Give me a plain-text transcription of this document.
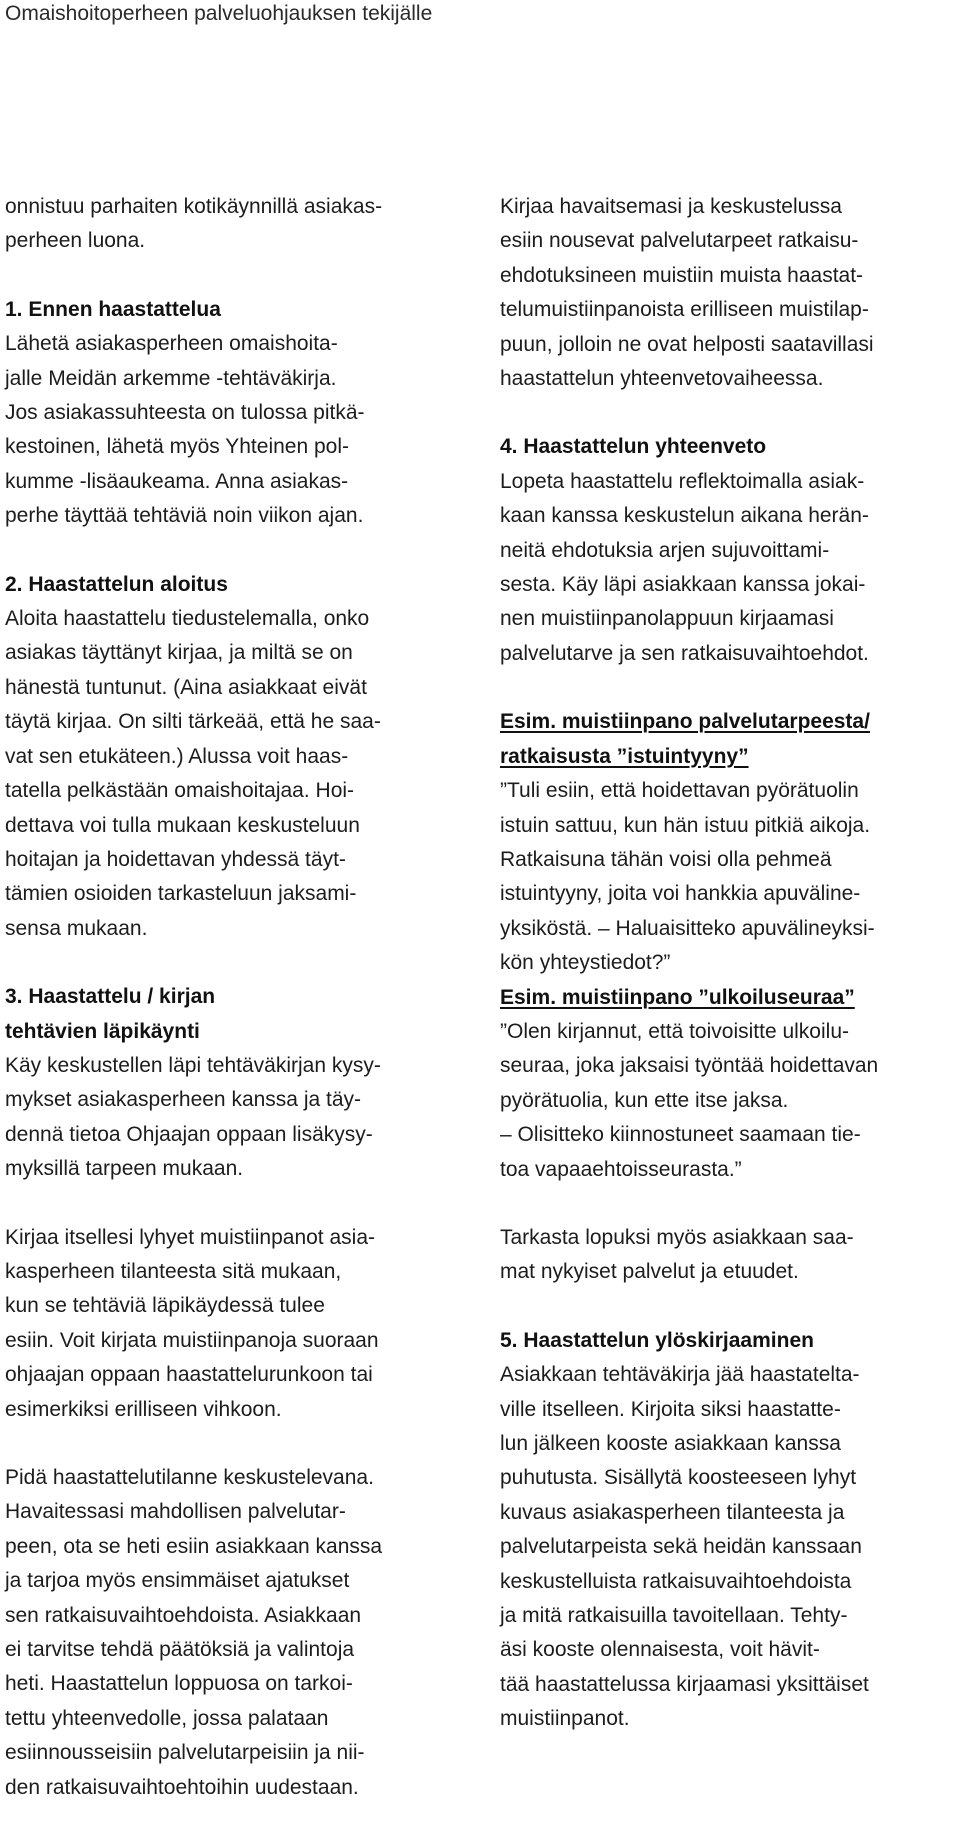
Omaishoitoperheen palveluohjauksen tekijälle
onnistuu parhaiten kotikäynnillä asiakas-
perheen luona.
1. Ennen haastattelua
Lähetä asiakasperheen omaishoita-
jalle Meidän arkemme -tehtäväkirja.
Jos asiakassuhteesta on tulossa pitkä-
kestoinen, lähetä myös Yhteinen pol-
kumme -lisäaukeama. Anna asiakas-
perhe täyttää tehtäviä noin viikon ajan.
2. Haastattelun aloitus
Aloita haastattelu tiedustelemalla, onko
asiakas täyttänyt kirjaa, ja miltä se on
hänestä tuntunut. (Aina asiakkaat eivät
täytä kirjaa. On silti tärkeää, että he saa-
vat sen etukäteen.) Alussa voit haas-
tatella pelkästään omaishoitajaa. Hoi-
dettava voi tulla mukaan keskusteluun
hoitajan ja hoidettavan yhdessä täyt-
tämien osioiden tarkasteluun jaksami-
sensa mukaan.
3. Haastattelu / kirjan
tehtävien läpikäynti
Käy keskustellen läpi tehtäväkirjan kysy-
mykset asiakasperheen kanssa ja täy-
dennä tietoa Ohjaajan oppaan lisäkysy-
myksillä tarpeen mukaan.
Kirjaa itsellesi lyhyet muistiinpanot asia-
kasperheen tilanteesta sitä mukaan,
kun se tehtäviä läpikäydessä tulee
esiin. Voit kirjata muistiinpanoja suoraan
ohjaajan oppaan haastattelurunkoon tai
esimerkiksi erilliseen vihkoon.
Pidä haastattelutilanne keskustelevana.
Havaitessasi mahdollisen palvelutar-
peen, ota se heti esiin asiakkaan kanssa
ja tarjoa myös ensimmäiset ajatukset
sen ratkaisuvaihtoehdoista. Asiakkaan
ei tarvitse tehdä päätöksiä ja valintoja
heti. Haastattelun loppuosa on tarkoi-
tettu yhteenvedolle, jossa palataan
esiinnousseisiin palvelutarpeisiin ja nii-
den ratkaisuvaihtoehtoihin uudestaan.
Kirjaa havaitsemasi ja keskustelussa
esiin nousevat palvelutarpeet ratkaisu-
ehdotuksineen muistiin muista haastat-
telumuistiinpanoista erilliseen muistilap-
puun, jolloin ne ovat helposti saatavillasi
haastattelun yhteenvetovaiheessa.
4. Haastattelun yhteenveto
Lopeta haastattelu reflektoimalla asiak-
kaan kanssa keskustelun aikana herän-
neitä ehdotuksia arjen sujuvoittami-
sesta. Käy läpi asiakkaan kanssa jokai-
nen muistiinpanolappuun kirjaamasi
palvelutarve ja sen ratkaisuvaihtoehdot.
Esim. muistiinpano palvelutarpeesta/
ratkaisusta ”istuintyyny”
”Tuli esiin, että hoidettavan pyörätuolin
istuin sattuu, kun hän istuu pitkiä aikoja.
Ratkaisuna tähän voisi olla pehmeä
istuintyyny, joita voi hankkia apuväline-
yksiköstä. – Haluaisitteko apuvälineyksi-
kön yhteystiedot?”
Esim. muistiinpano ”ulkoiluseuraa”
”Olen kirjannut, että toivoisitte ulkoilu-
seuraa, joka jaksaisi työntää hoidettavan
pyörätuolia, kun ette itse jaksa.
– Olisitteko kiinnostuneet saamaan tie-
toa vapaaehtoisseurasta.”
Tarkasta lopuksi myös asiakkaan saa-
mat nykyiset palvelut ja etuudet.
5. Haastattelun ylöskirjaaminen
Asiakkaan tehtäväkirja jää haastatelta-
ville itselleen. Kirjoita siksi haastatte-
lun jälkeen kooste asiakkaan kanssa
puhutusta. Sisällytä koosteeseen lyhyt
kuvaus asiakasperheen tilanteesta ja
palvelutarpeista sekä heidän kanssaan
keskustelluista ratkaisuvaihtoehdoista
ja mitä ratkaisuilla tavoitellaan. Tehty-
äsi kooste olennaisesta, voit hävit-
tää haastattelussa kirjaamasi yksittäiset
muistiinpanot.
